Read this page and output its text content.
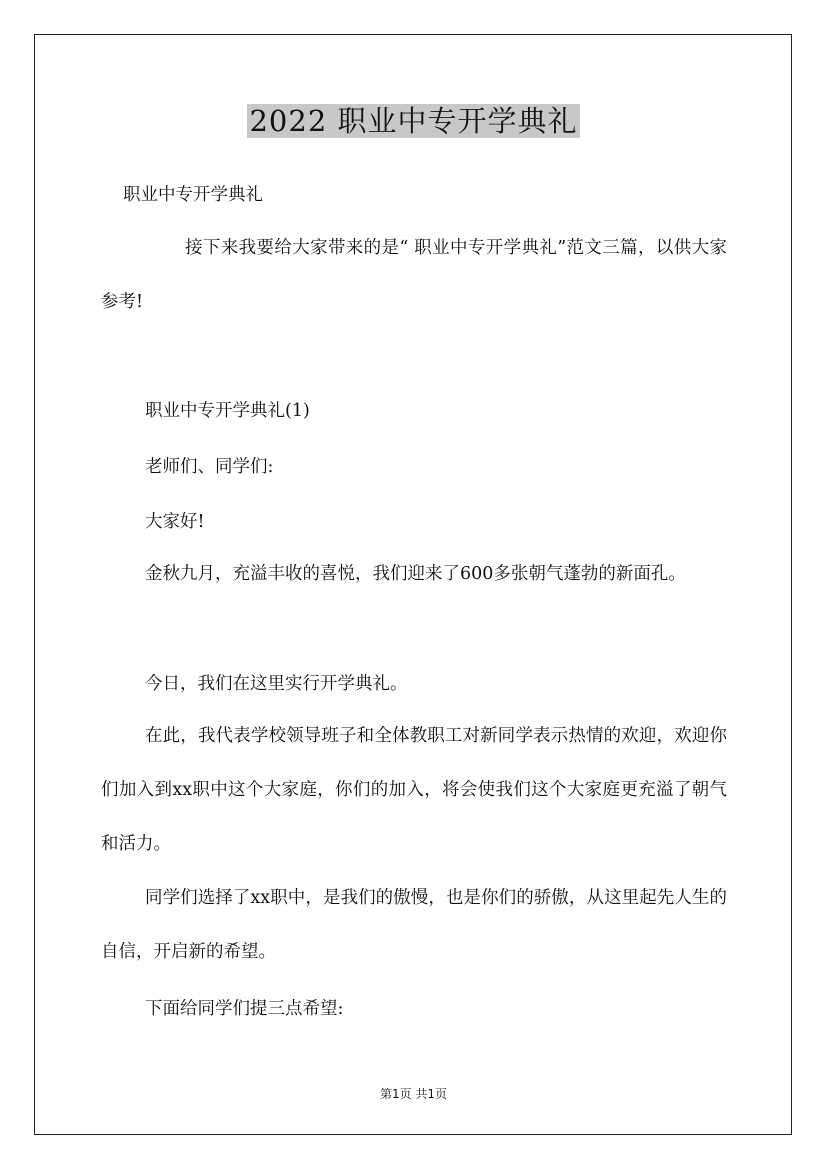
2022 职业中专开学典礼

职业中专开学典礼

接下来我要给大家带来的是“ 职业中专开学典礼”范文三篇，以供大家参考!

职业中专开学典礼(1)

老师们、同学们:

大家好!

金秋九月，充溢丰收的喜悦，我们迎来了600多张朝气蓬勃的新面孔。

今日，我们在这里实行开学典礼。

在此，我代表学校领导班子和全体教职工对新同学表示热情的欢迎，欢迎你们加入到xx职中这个大家庭，你们的加入，将会使我们这个大家庭更充溢了朝气和活力。

同学们选择了xx职中，是我们的傲慢，也是你们的骄傲，从这里起先人生的自信，开启新的希望。

下面给同学们提三点希望:

第1页 共1页
